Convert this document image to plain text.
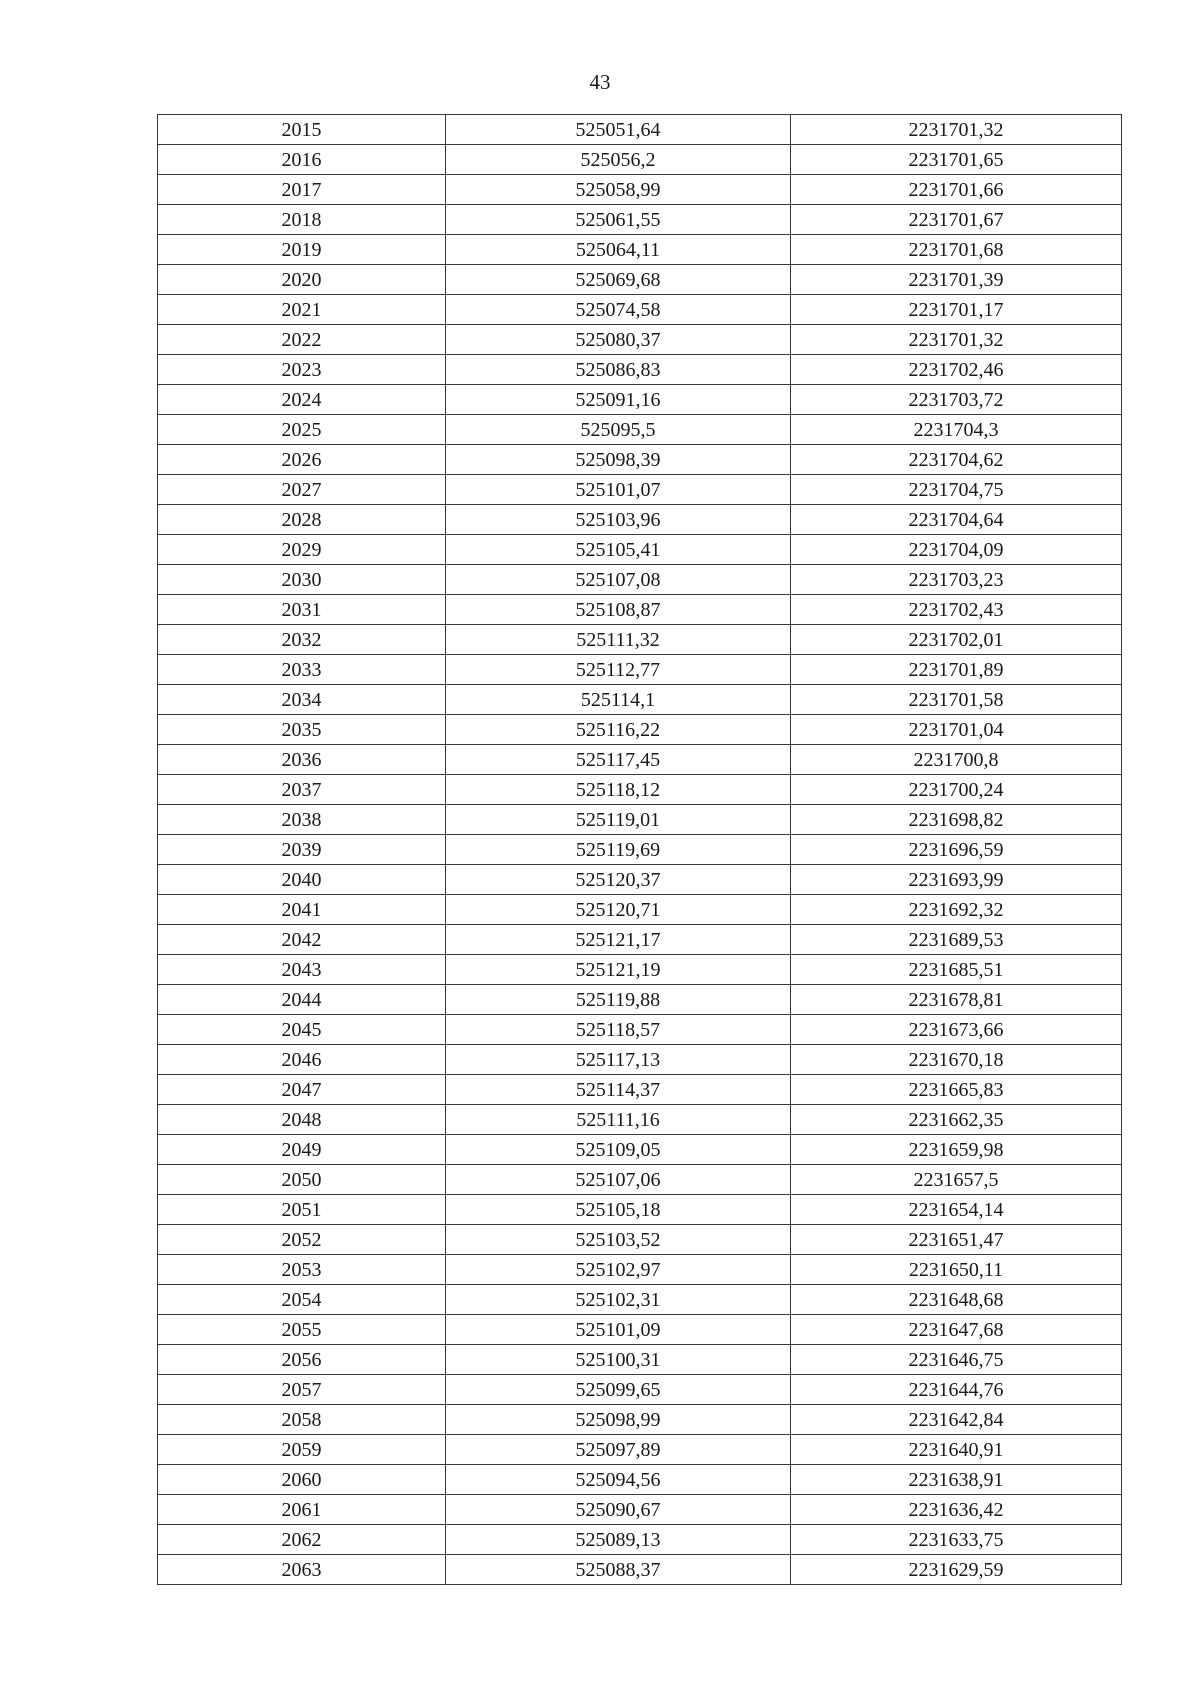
43
2015	525051,64	2231701,32
2016	525056,2	2231701,65
2017	525058,99	2231701,66
2018	525061,55	2231701,67
2019	525064,11	2231701,68
2020	525069,68	2231701,39
2021	525074,58	2231701,17
2022	525080,37	2231701,32
2023	525086,83	2231702,46
2024	525091,16	2231703,72
2025	525095,5	2231704,3
2026	525098,39	2231704,62
2027	525101,07	2231704,75
2028	525103,96	2231704,64
2029	525105,41	2231704,09
2030	525107,08	2231703,23
2031	525108,87	2231702,43
2032	525111,32	2231702,01
2033	525112,77	2231701,89
2034	525114,1	2231701,58
2035	525116,22	2231701,04
2036	525117,45	2231700,8
2037	525118,12	2231700,24
2038	525119,01	2231698,82
2039	525119,69	2231696,59
2040	525120,37	2231693,99
2041	525120,71	2231692,32
2042	525121,17	2231689,53
2043	525121,19	2231685,51
2044	525119,88	2231678,81
2045	525118,57	2231673,66
2046	525117,13	2231670,18
2047	525114,37	2231665,83
2048	525111,16	2231662,35
2049	525109,05	2231659,98
2050	525107,06	2231657,5
2051	525105,18	2231654,14
2052	525103,52	2231651,47
2053	525102,97	2231650,11
2054	525102,31	2231648,68
2055	525101,09	2231647,68
2056	525100,31	2231646,75
2057	525099,65	2231644,76
2058	525098,99	2231642,84
2059	525097,89	2231640,91
2060	525094,56	2231638,91
2061	525090,67	2231636,42
2062	525089,13	2231633,75
2063	525088,37	2231629,59
